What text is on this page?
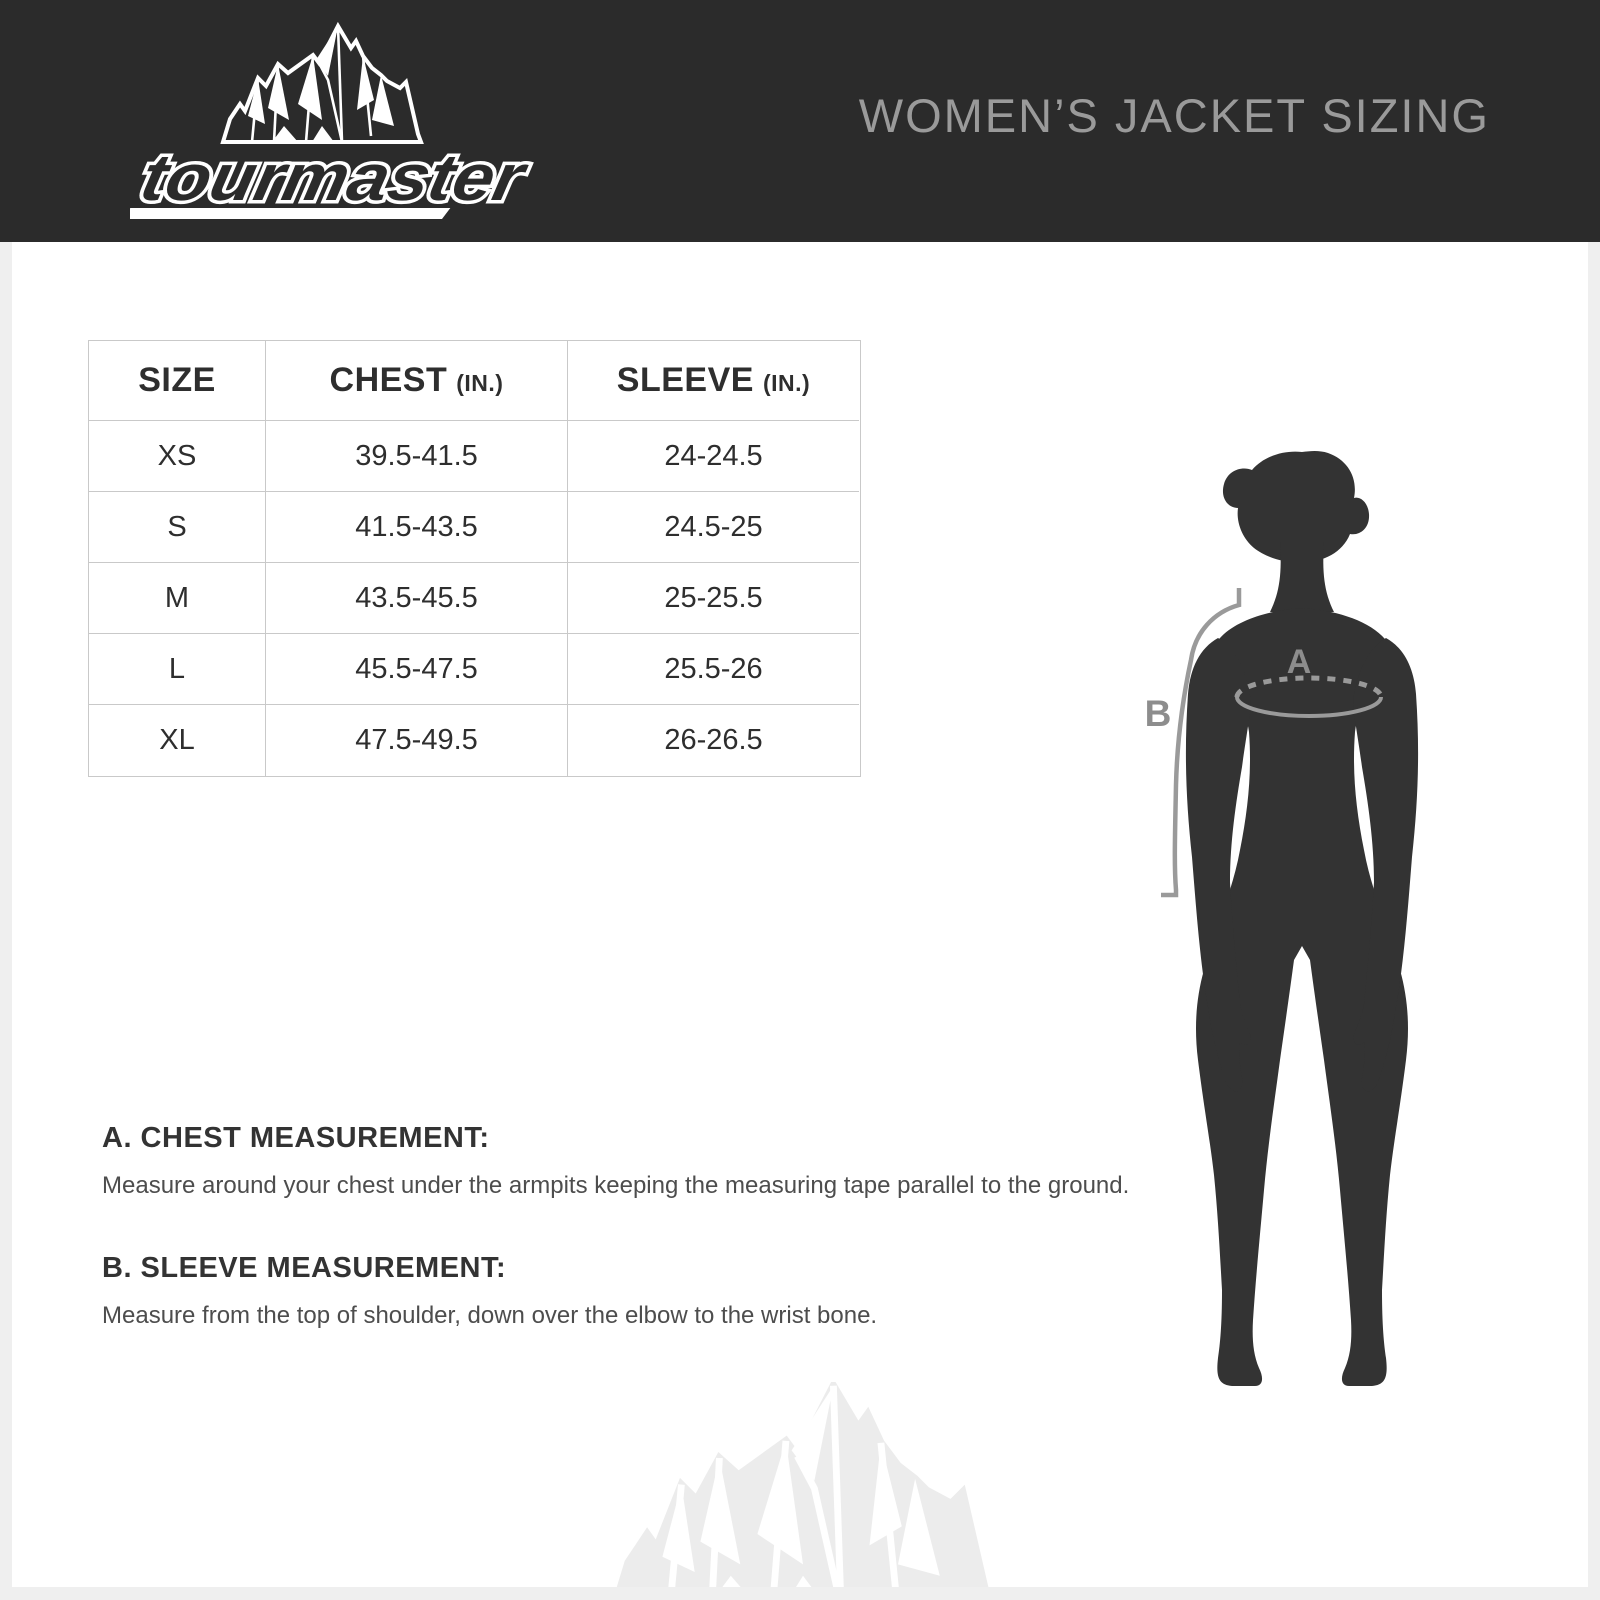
SIZE	CHEST (IN.)	SLEEVE (IN.)
XS	39.5-41.5	24-24.5
S	41.5-43.5	24.5-25
M	43.5-45.5	25-25.5
L	45.5-47.5	25.5-26
XL	47.5-49.5	26-26.5

A. CHEST MEASUREMENT:

Measure around your chest under the armpits keeping the measuring tape parallel to the ground.

B. SLEEVE MEASUREMENT:

Measure from the top of shoulder, down over the elbow to the wrist bone.

A
B
tourmaster
WOMEN’S JACKET SIZING
